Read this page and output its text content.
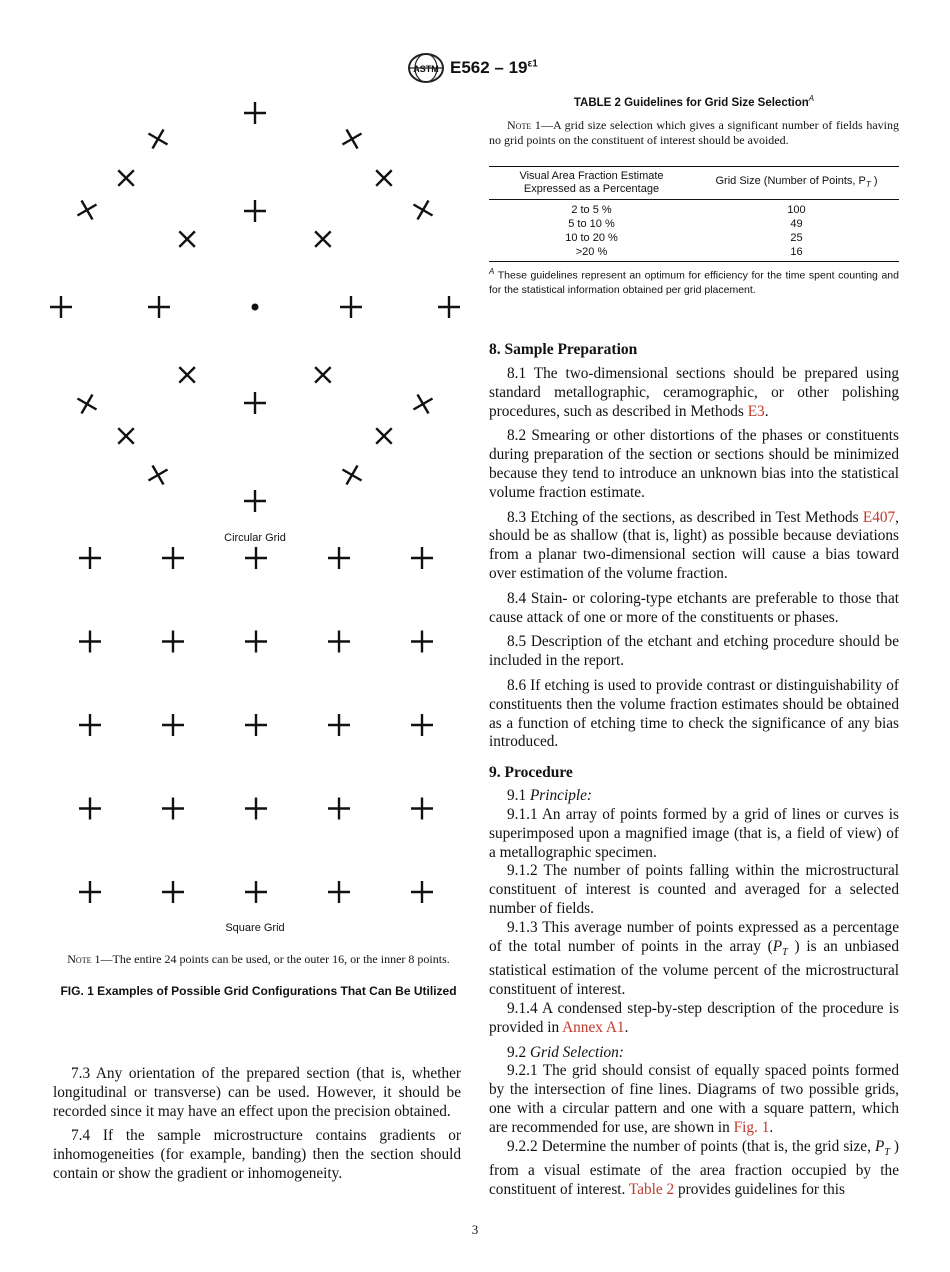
ASTM $E562 - 19^{\varepsilon 1}$
Circular Grid
Square Grid
Note 1—The entire 24 points can be used, or the outer 16, or the inner 8 points.
FIG. 1 Examples of Possible Grid Configurations That Can Be Utilized

7.3 Any orientation of the prepared section (that is, whether longitudinal or transverse) can be used. However, it should be recorded since it may have an effect upon the precision obtained.

7.4 If the sample microstructure contains gradients or inhomogeneities (for example, banding) then the section should contain or show the gradient or inhomogeneity.

TABLE 2 Guidelines for Grid Size Selection$^A$
Note 1—A grid size selection which gives a significant number of fields having no grid points on the constituent of interest should be avoided.
Visual Area Fraction Estimate Expressed as a Percentage	Grid Size (Number of Points, $P_T$ )
2 to 5 %	100
5 to 10 %	49
10 to 20 %	25
>20 %	16
$^A$ These guidelines represent an optimum for efficiency for the time spent counting and for the statistical information obtained per grid placement.

8. Sample Preparation

8.1 The two-dimensional sections should be prepared using standard metallographic, ceramographic, or other polishing procedures, such as described in Methods E3.

8.2 Smearing or other distortions of the phases or constituents during preparation of the section or sections should be minimized because they tend to introduce an unknown bias into the statistical volume fraction estimate.

8.3 Etching of the sections, as described in Test Methods E407, should be as shallow (that is, light) as possible because deviations from a planar two-dimensional section will cause a bias toward over estimation of the volume fraction.

8.4 Stain- or coloring-type etchants are preferable to those that cause attack of one or more of the constituents or phases.

8.5 Description of the etchant and etching procedure should be included in the report.

8.6 If etching is used to provide contrast or distinguishability of constituents then the volume fraction estimates should be obtained as a function of etching time to check the significance of any bias introduced.

9. Procedure

9.1 Principle:

9.1.1 An array of points formed by a grid of lines or curves is superimposed upon a magnified image (that is, a field of view) of a metallographic specimen.

9.1.2 The number of points falling within the microstructural constituent of interest is counted and averaged for a selected number of fields.

9.1.3 This average number of points expressed as a percentage of the total number of points in the array ($P_T$ ) is an unbiased statistical estimation of the volume percent of the microstructural constituent of interest.

9.1.4 A condensed step-by-step description of the procedure is provided in Annex A1.

9.2 Grid Selection:

9.2.1 The grid should consist of equally spaced points formed by the intersection of fine lines. Diagrams of two possible grids, one with a circular pattern and one with a square pattern, which are recommended for use, are shown in Fig. 1.

9.2.2 Determine the number of points (that is, the grid size, $P_T$ ) from a visual estimate of the area fraction occupied by the constituent of interest. Table 2 provides guidelines for this

3
